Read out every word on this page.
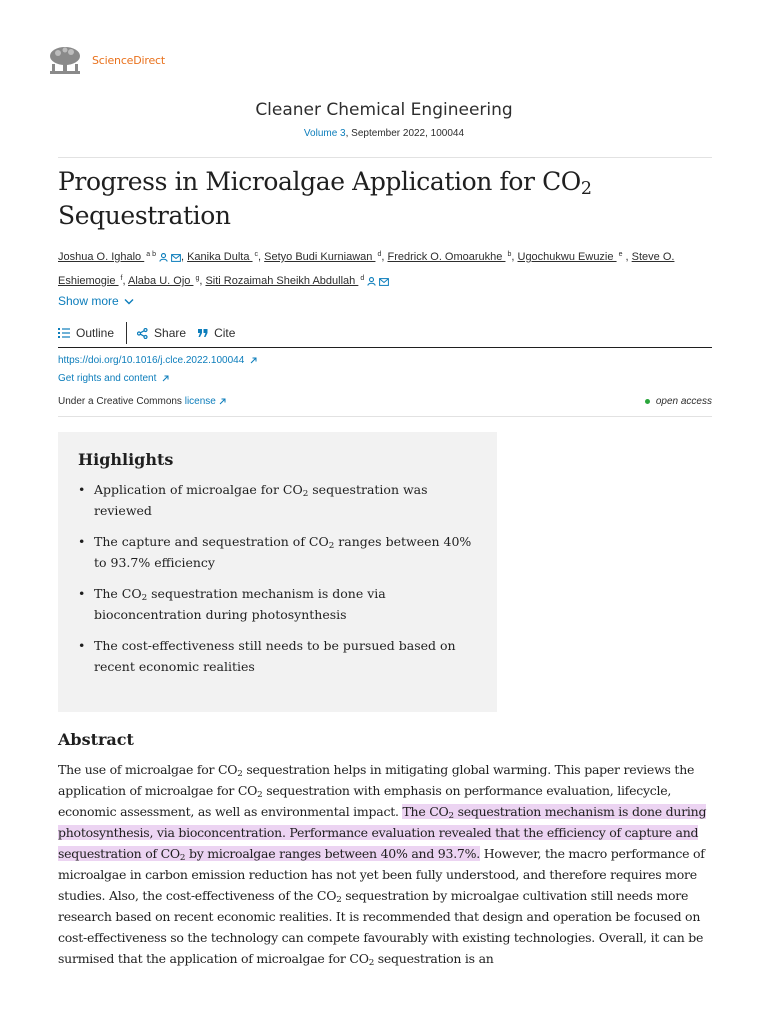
ScienceDirect
Cleaner Chemical Engineering
Volume 3, September 2022, 100044
Progress in Microalgae Application for $CO_2$
Sequestration
Joshua O. Ighalo $^{a b}$ , Kanika Dulta $^c$, Setyo Budi Kurniawan $^d$, Fredrick O. Omoarukhe $^b$, Ugochukwu Ewuzie $^e$ , Steve O. Eshiemogie $^f$, Alaba U. Ojo $^g$, Siti Rozaimah Sheikh Abdullah $^d$
Show more
Outline	Share Cite
https://doi.org/10.1016/j.clce.2022.100044
Get rights and content
Under a Creative Commons license	open access
Highlights
• Application of microalgae for $CO_2$ sequestration was reviewed
• The capture and sequestration of $CO_2$ ranges between 40% to 93.7% efficiency
• The $CO_2$ sequestration mechanism is done via bioconcentration during photosynthesis
• The cost-effectiveness still needs to be pursued based on recent economic realities
Abstract

The use of microalgae for $CO_2$ sequestration helps in mitigating global warming. This paper reviews the application of microalgae for $CO_2$ sequestration with emphasis on performance evaluation, lifecycle, economic assessment, as well as environmental impact. The $CO_2$ sequestration mechanism is done during photosynthesis, via bioconcentration. Performance evaluation revealed that the efficiency of capture and sequestration of $CO_2$ by microalgae ranges between 40% and 93.7%. However, the macro performance of microalgae in carbon emission reduction has not yet been fully understood, and therefore requires more studies. Also, the cost-effectiveness of the $CO_2$ sequestration by microalgae cultivation still needs more research based on recent economic realities. It is recommended that design and operation be focused on cost-effectiveness so the technology can compete favourably with existing technologies. Overall, it can be surmised that the application of microalgae for $CO_2$ sequestration is an
